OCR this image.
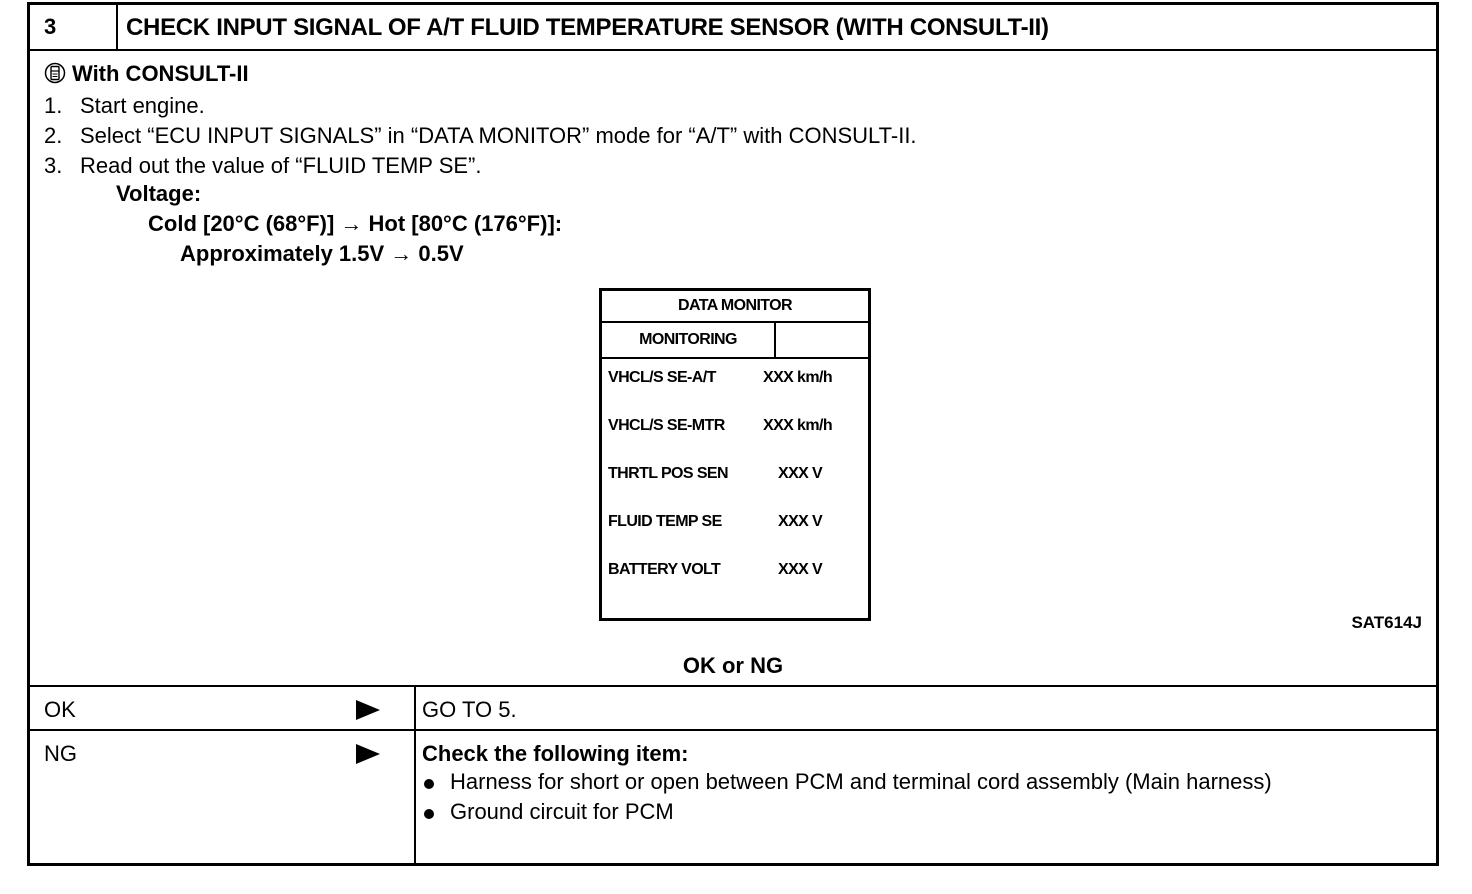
3	CHECK INPUT SIGNAL OF A/T FLUID TEMPERATURE SENSOR (WITH CONSULT-II)
With CONSULT-II
1. Start engine.
2. Select “ECU INPUT SIGNALS” in “DATA MONITOR” mode for “A/T” with CONSULT-II.
3. Read out the value of “FLUID TEMP SE”.
Voltage:
Cold [20°C (68°F)] → Hot [80°C (176°F)]:
Approximately 1.5V → 0.5V
DATA MONITOR
MONITORING
VHCL/S SE-A/T	XXX km/h
VHCL/S SE-MTR XXX km/h
THRTL POS SEN	XXX V
FLUID TEMP SE	XXX V
BATTERY VOLT	XXX V
SAT614J
OK or NG
OK	GO TO 5.
NG	Check the following item:
Harness for short or open between PCM and terminal cord assembly (Main harness)
Ground circuit for PCM
